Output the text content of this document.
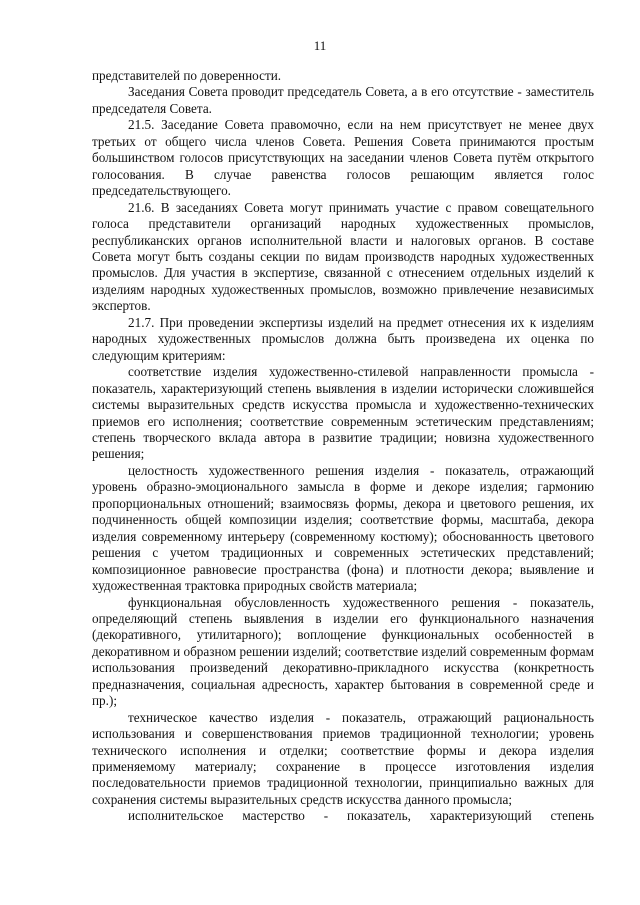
11

представителей по доверенности.

Заседания Совета проводит председатель Совета, а в его отсутствие - заместитель председателя Совета.

21.5. Заседание Совета правомочно, если на нем присутствует не менее двух третьих от общего числа членов Совета. Решения Совета принимаются простым большинством голосов присутствующих на заседании членов Совета путём открытого голосования. В случае равенства голосов решающим является голос председательствующего.

21.6. В заседаниях Совета могут принимать участие с правом совещательного голоса представители организаций народных художественных промыслов, республиканских органов исполнительной власти и налоговых органов. В составе Совета могут быть созданы секции по видам производств народных художественных промыслов. Для участия в экспертизе, связанной с отнесением отдельных изделий к изделиям народных художественных промыслов, возможно привлечение независимых экспертов.

21.7. При проведении экспертизы изделий на предмет отнесения их к изделиям народных художественных промыслов должна быть произведена их оценка по следующим критериям:

соответствие изделия художественно-стилевой направленности промысла - показатель, характеризующий степень выявления в изделии исторически сложившейся системы выразительных средств искусства промысла и художественно-технических приемов его исполнения; соответствие современным эстетическим представлениям; степень творческого вклада автора в развитие традиции; новизна художественного решения;

целостность художественного решения изделия - показатель, отражающий уровень образно-эмоционального замысла в форме и декоре изделия; гармонию пропорциональных отношений; взаимосвязь формы, декора и цветового решения, их подчиненность общей композиции изделия; соответствие формы, масштаба, декора изделия современному интерьеру (современному костюму); обоснованность цветового решения с учетом традиционных и современных эстетических представлений; композиционное равновесие пространства (фона) и плотности декора; выявление и художественная трактовка природных свойств материала;

функциональная обусловленность художественного решения - показатель, определяющий степень выявления в изделии его функционального назначения (декоративного, утилитарного); воплощение функциональных особенностей в декоративном и образном решении изделий; соответствие изделий современным формам использования произведений декоративно-прикладного искусства (конкретность предназначения, социальная адресность, характер бытования в современной среде и пр.);

техническое качество изделия - показатель, отражающий рациональность использования и совершенствования приемов традиционной технологии; уровень технического исполнения и отделки; соответствие формы и декора изделия применяемому материалу; сохранение в процессе изготовления изделия последовательности приемов традиционной технологии, принципиально важных для сохранения системы выразительных средств искусства данного промысла;

исполнительское мастерство - показатель, характеризующий степень
